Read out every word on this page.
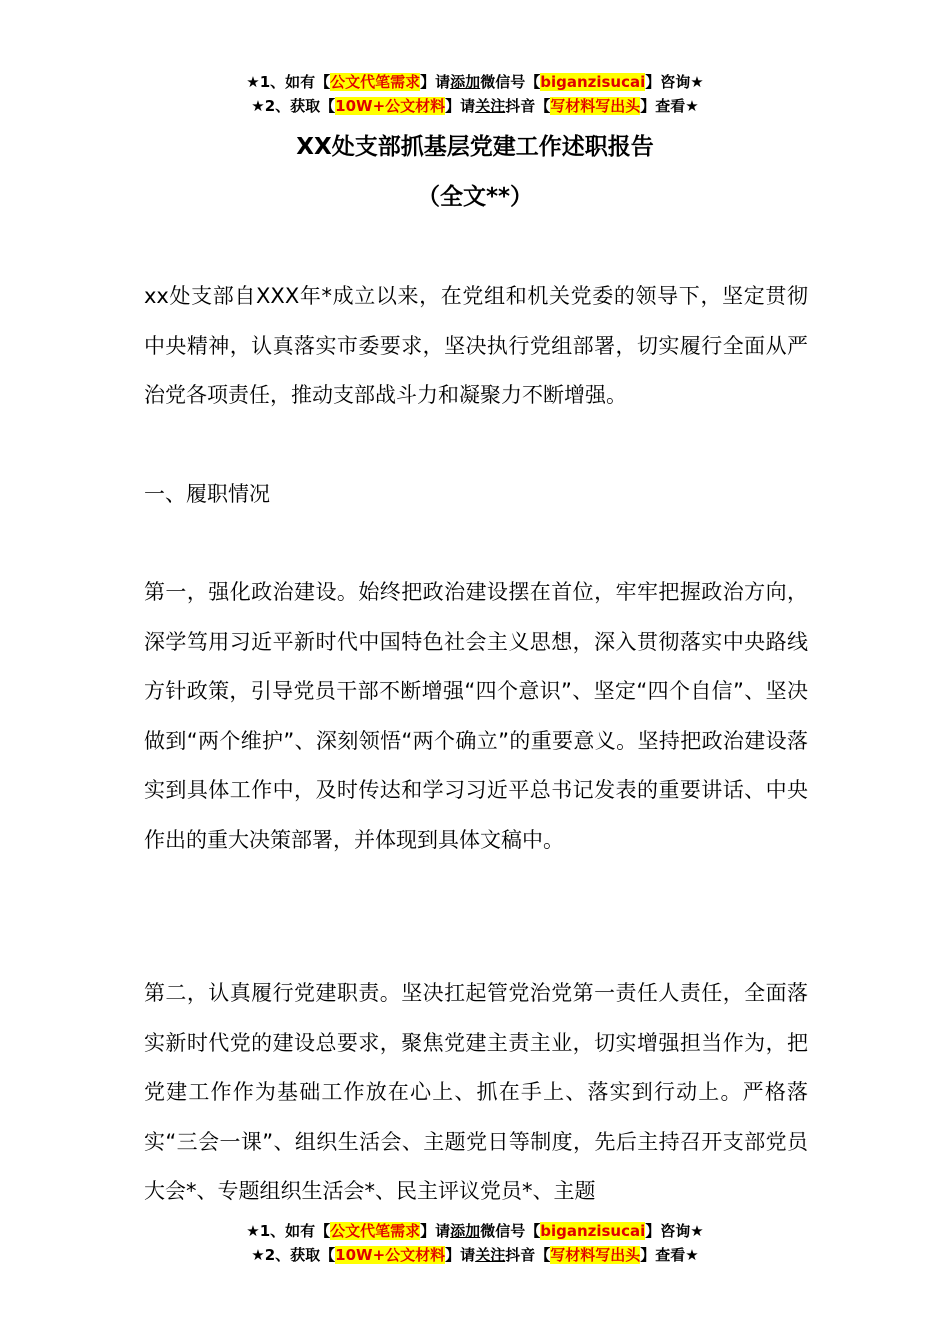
★1、如有【公文代笔需求】请添加微信号【biganzisucai】咨询★
★2、获取【10W+公文材料】请关注抖音【写材料写出头】查看★
XX处支部抓基层党建工作述职报告
（全文**）

xx处支部自XXX年*成立以来，在党组和机关党委的领导下，坚定贯彻中央精神，认真落实市委要求，坚决执行党组部署，切实履行全面从严治党各项责任，推动支部战斗力和凝聚力不断增强。

一、履职情况

第一，强化政治建设。始终把政治建设摆在首位，牢牢把握政治方向，深学笃用习近平新时代中国特色社会主义思想，深入贯彻落实中央路线方针政策，引导党员干部不断增强“四个意识”、坚定“四个自信”、坚决做到“两个维护”、深刻领悟“两个确立”的重要意义。坚持把政治建设落实到具体工作中，及时传达和学习习近平总书记发表的重要讲话、中央作出的重大决策部署，并体现到具体文稿中。

第二，认真履行党建职责。坚决扛起管党治党第一责任人责任，全面落实新时代党的建设总要求，聚焦党建主责主业，切实增强担当作为，把党建工作作为基础工作放在心上、抓在手上、落实到行动上。严格落实“三会一课”、组织生活会、主题党日等制度，先后主持召开支部党员大会*、专题组织生活会*、民主评议党员*、主题

★1、如有【公文代笔需求】请添加微信号【biganzisucai】咨询★
★2、获取【10W+公文材料】请关注抖音【写材料写出头】查看★
